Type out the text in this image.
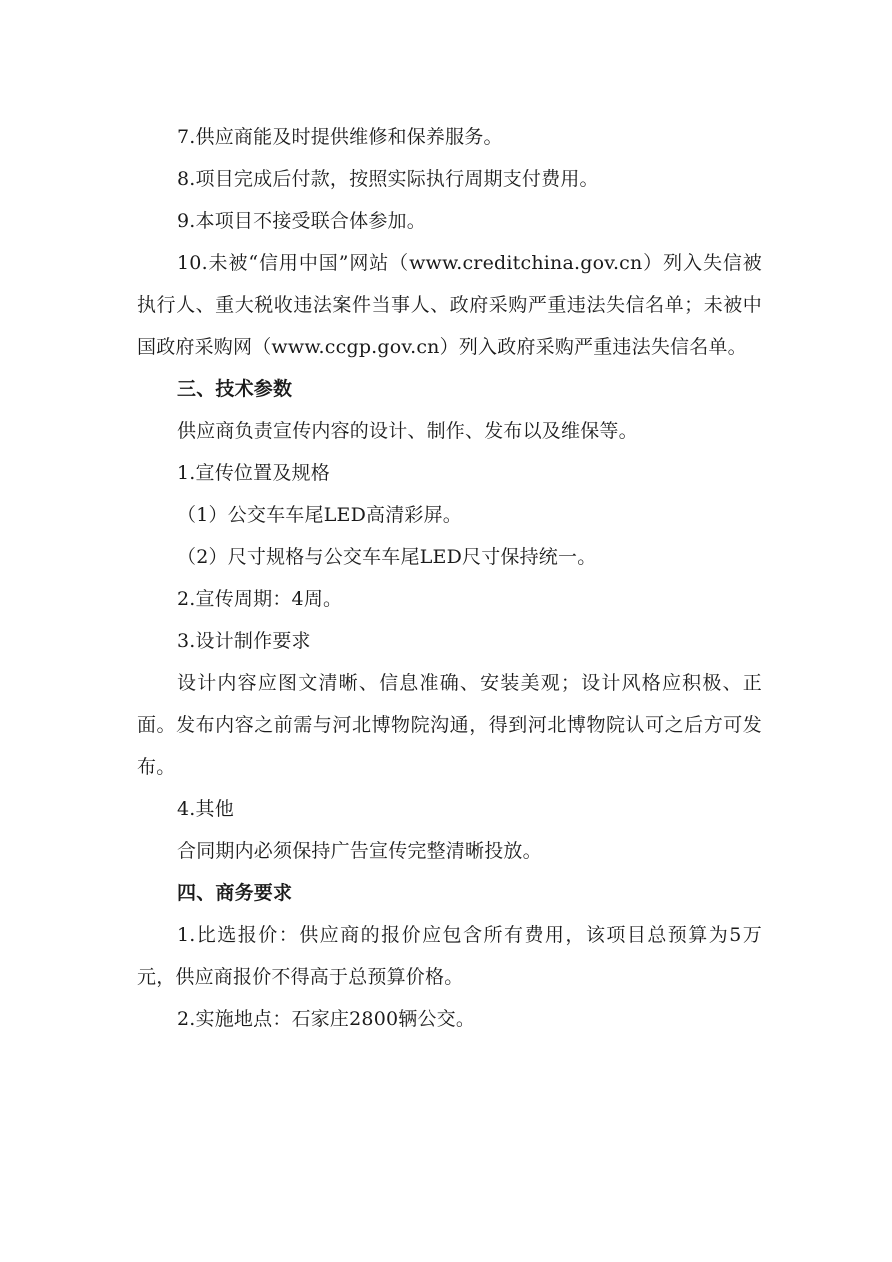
7.供应商能及时提供维修和保养服务。

8.项目完成后付款，按照实际执行周期支付费用。

9.本项目不接受联合体参加。

10.未被“信用中国”网站（www.creditchina.gov.cn）列入失信被执行人、重大税收违法案件当事人、政府采购严重违法失信名单；未被中国政府采购网（www.ccgp.gov.cn）列入政府采购严重违法失信名单。

三、技术参数

供应商负责宣传内容的设计、制作、发布以及维保等。

1.宣传位置及规格

（1）公交车车尾LED高清彩屏。

（2）尺寸规格与公交车车尾LED尺寸保持统一。

2.宣传周期：4周。

3.设计制作要求

设计内容应图文清晰、信息准确、安装美观；设计风格应积极、正面。发布内容之前需与河北博物院沟通，得到河北博物院认可之后方可发布。

4.其他

合同期内必须保持广告宣传完整清晰投放。

四、商务要求

1.比选报价：供应商的报价应包含所有费用，该项目总预算为5万元，供应商报价不得高于总预算价格。

2.实施地点：石家庄2800辆公交。
